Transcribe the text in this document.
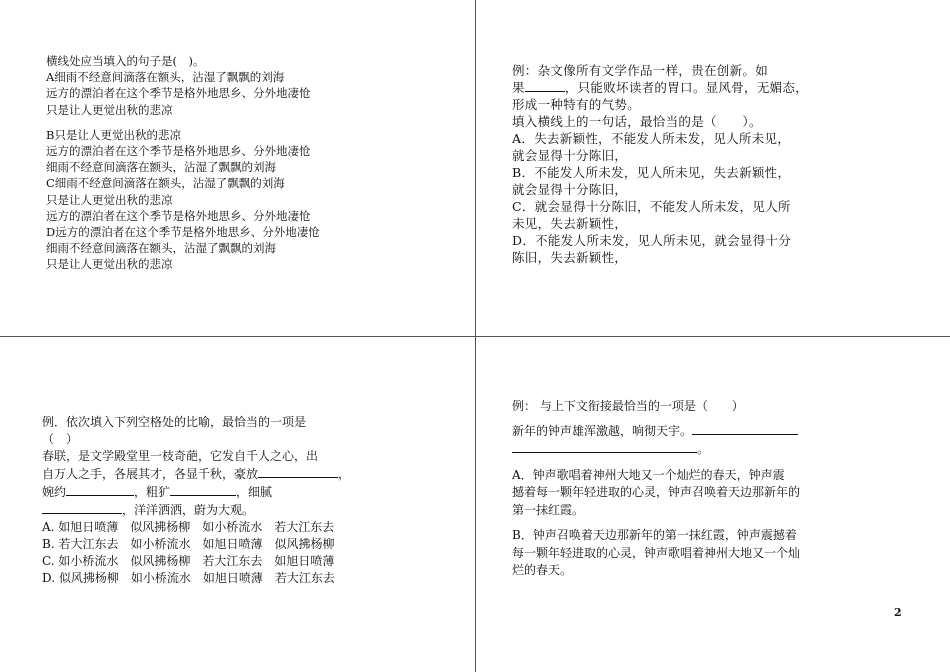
横线处应当填入的句子是(　)。
A细雨不经意间滴落在额头，沾湿了飘飘的刘海
远方的漂泊者在这个季节是格外地思乡、分外地凄怆
只是让人更觉出秋的悲凉
B只是让人更觉出秋的悲凉
远方的漂泊者在这个季节是格外地思乡、分外地凄怆
细雨不经意间滴落在额头，沾湿了飘飘的刘海
C细雨不经意间滴落在额头，沾湿了飘飘的刘海
只是让人更觉出秋的悲凉
远方的漂泊者在这个季节是格外地思乡、分外地凄怆
D远方的漂泊者在这个季节是格外地思乡、分外地凄怆
细雨不经意间滴落在额头，沾湿了飘飘的刘海
只是让人更觉出秋的悲凉
例：杂文像所有文学作品一样，贵在创新。如
果	，只能败坏读者的胃口。显风骨，无媚态，
形成一种特有的气势。
填入横线上的一句话，最恰当的是（　　）。
A．失去新颖性，不能发人所未发，见人所未见，
就会显得十分陈旧，
B．不能发人所未发，见人所未见，失去新颖性，
就会显得十分陈旧，
C．就会显得十分陈旧，不能发人所未发，见人所
未见，失去新颖性，
D．不能发人所未发，见人所未见，就会显得十分
陈旧，失去新颖性，
例．依次填入下列空格处的比喻，最恰当的一项是
（　）
春联，是文学殿堂里一枝奇葩，它发自千人之心，出
自万人之手，各展其才，各显千秋，豪放	，
婉约	，粗犷	，细腻
，洋洋洒洒，蔚为大观。
A. 如旭日喷薄　似风拂杨柳　如小桥流水　若大江东去
B. 若大江东去　如小桥流水　如旭日喷薄　似风拂杨柳
C. 如小桥流水　似风拂杨柳　若大江东去　如旭日喷薄
D. 似风拂杨柳　如小桥流水　如旭日喷薄　若大江东去
例： 与上下文衔接最恰当的一项是（　　）
新年的钟声雄浑激越，响彻天宇。
。
A．钟声歌唱着神州大地又一个灿烂的春天，钟声震
撼着每一颗年轻进取的心灵，钟声召唤着天边那新年的
第一抹红霞。
B．钟声召唤着天边那新年的第一抹红霞，钟声震撼着
每一颗年轻进取的心灵，钟声歌唱着神州大地又一个灿
烂的春天。
2
